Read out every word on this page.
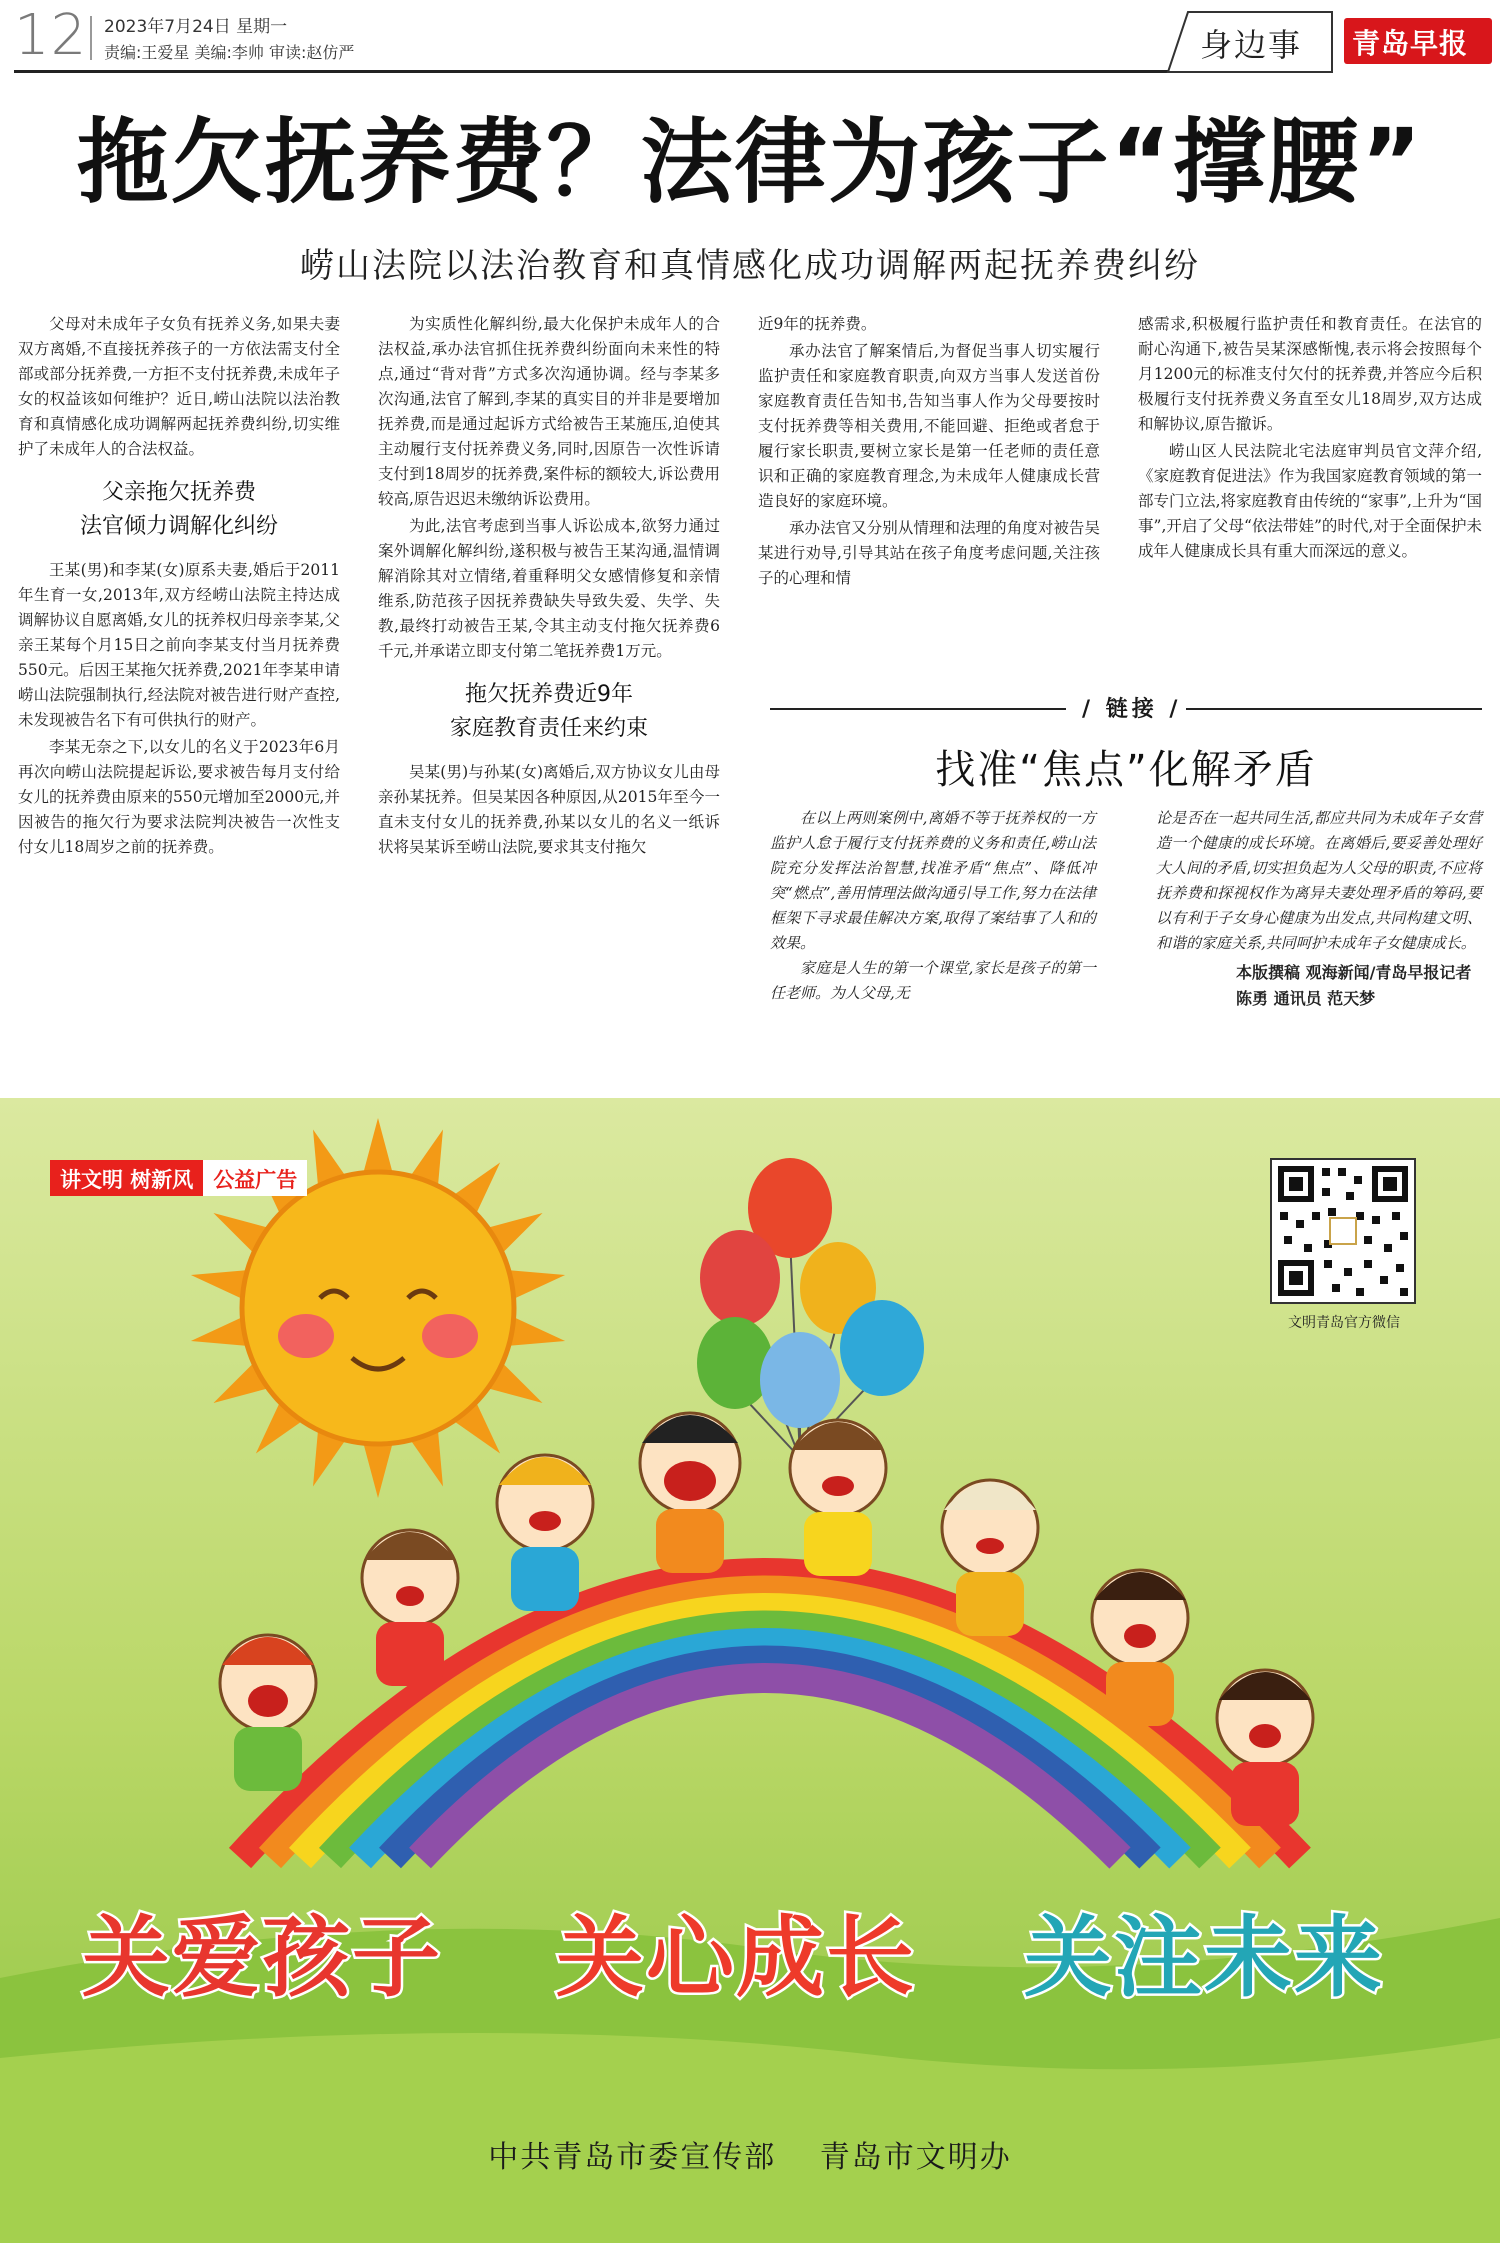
12 2023年7月24日 星期一
责编:王爱星 美编:李帅 审读:赵仿严	身边事 青岛早报
拖欠抚养费？法律为孩子“撑腰”
崂山法院以法治教育和真情感化成功调解两起抚养费纠纷

父母对未成年子女负有抚养义务,如果夫妻双方离婚,不直接抚养孩子的一方依法需支付全部或部分抚养费,一方拒不支付抚养费,未成年子女的权益该如何维护？近日,崂山法院以法治教育和真情感化成功调解两起抚养费纠纷,切实维护了未成年人的合法权益。

父亲拖欠抚养费
法官倾力调解化纠纷

王某(男)和李某(女)原系夫妻,婚后于2011年生育一女,2013年,双方经崂山法院主持达成调解协议自愿离婚,女儿的抚养权归母亲李某,父亲王某每个月15日之前向李某支付当月抚养费550元。后因王某拖欠抚养费,2021年李某申请崂山法院强制执行,经法院对被告进行财产查控,未发现被告名下有可供执行的财产。

李某无奈之下,以女儿的名义于2023年6月再次向崂山法院提起诉讼,要求被告每月支付给女儿的抚养费由原来的550元增加至2000元,并因被告的拖欠行为要求法院判决被告一次性支付女儿18周岁之前的抚养费。

为实质性化解纠纷,最大化保护未成年人的合法权益,承办法官抓住抚养费纠纷面向未来性的特点,通过“背对背”方式多次沟通协调。经与李某多次沟通,法官了解到,李某的真实目的并非是要增加抚养费,而是通过起诉方式给被告王某施压,迫使其主动履行支付抚养费义务,同时,因原告一次性诉请支付到18周岁的抚养费,案件标的额较大,诉讼费用较高,原告迟迟未缴纳诉讼费用。

为此,法官考虑到当事人诉讼成本,欲努力通过案外调解化解纠纷,遂积极与被告王某沟通,温情调解消除其对立情绪,着重释明父女感情修复和亲情维系,防范孩子因抚养费缺失导致失爱、失学、失教,最终打动被告王某,令其主动支付拖欠抚养费6千元,并承诺立即支付第二笔抚养费1万元。

拖欠抚养费近9年
家庭教育责任来约束

吴某(男)与孙某(女)离婚后,双方协议女儿由母亲孙某抚养。但吴某因各种原因,从2015年至今一直未支付女儿的抚养费,孙某以女儿的名义一纸诉状将吴某诉至崂山法院,要求其支付拖欠

近9年的抚养费。

承办法官了解案情后,为督促当事人切实履行监护责任和家庭教育职责,向双方当事人发送首份家庭教育责任告知书,告知当事人作为父母要按时支付抚养费等相关费用,不能回避、拒绝或者怠于履行家长职责,要树立家长是第一任老师的责任意识和正确的家庭教育理念,为未成年人健康成长营造良好的家庭环境。

承办法官又分别从情理和法理的角度对被告吴某进行劝导,引导其站在孩子角度考虑问题,关注孩子的心理和情

感需求,积极履行监护责任和教育责任。在法官的耐心沟通下,被告吴某深感惭愧,表示将会按照每个月1200元的标准支付欠付的抚养费,并答应今后积极履行支付抚养费义务直至女儿18周岁,双方达成和解协议,原告撤诉。

崂山区人民法院北宅法庭审判员官文萍介绍,《家庭教育促进法》作为我国家庭教育领域的第一部专门立法,将家庭教育由传统的“家事”,上升为“国事”,开启了父母“依法带娃”的时代,对于全面保护未成年人健康成长具有重大而深远的意义。

/ 链接 /
找准“焦点”化解矛盾

在以上两则案例中,离婚不等于抚养权的一方监护人怠于履行支付抚养费的义务和责任,崂山法院充分发挥法治智慧,找准矛盾“焦点”、降低冲突“燃点”,善用情理法做沟通引导工作,努力在法律框架下寻求最佳解决方案,取得了案结事了人和的效果。

家庭是人生的第一个课堂,家长是孩子的第一任老师。为人父母,无

论是否在一起共同生活,都应共同为未成年子女营造一个健康的成长环境。在离婚后,要妥善处理好大人间的矛盾,切实担负起为人父母的职责,不应将抚养费和探视权作为离异夫妻处理矛盾的筹码,要以有利于子女身心健康为出发点,共同构建文明、和谐的家庭关系,共同呵护未成年子女健康成长。

本版撰稿 观海新闻/青岛早报记者

陈勇 通讯员 范天梦

讲文明 树新风 公益广告
文明青岛官方微信
关爱孩子 关心成长 关注未来
中共青岛市委宣传部 青岛市文明办
